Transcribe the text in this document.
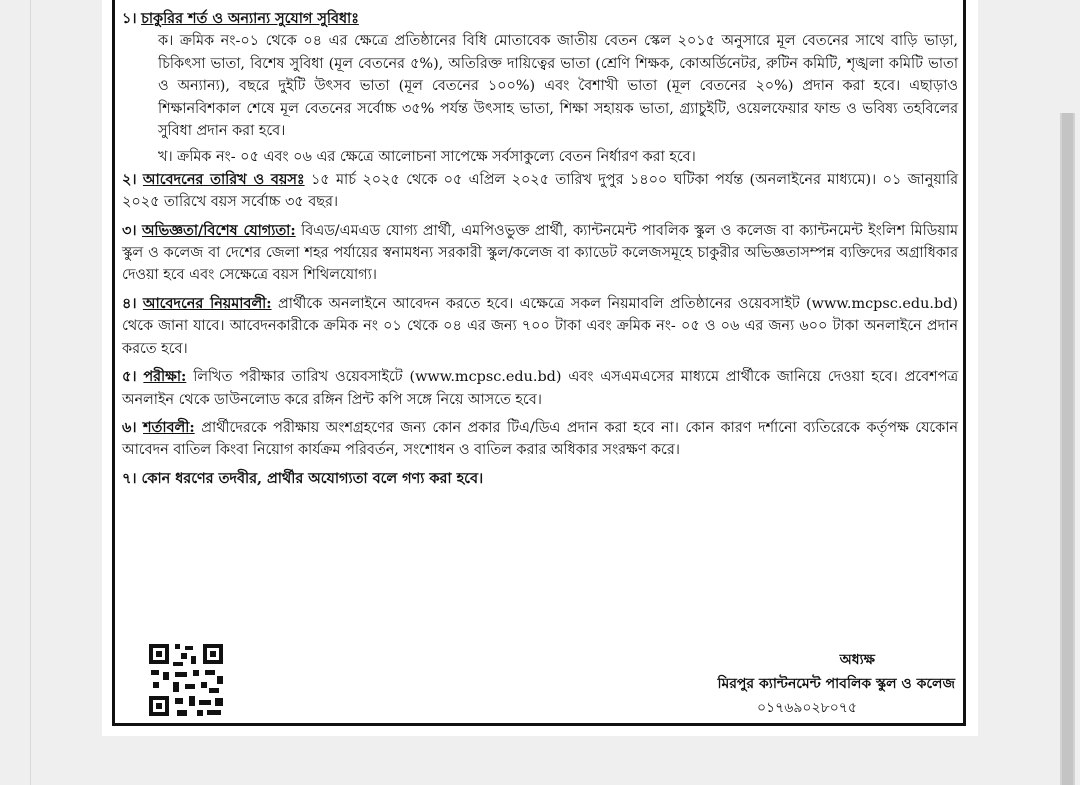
১। চাকুরির শর্ত ও অন্যান্য সুযোগ সুবিধাঃ

ক। ক্রমিক নং-০১ থেকে ০৪ এর ক্ষেত্রে প্রতিষ্ঠানের বিধি মোতাবেক জাতীয় বেতন স্কেল ২০১৫ অনুসারে মূল বেতনের সাথে বাড়ি ভাড়া, চিকিৎসা ভাতা, বিশেষ সুবিধা (মূল বেতনের ৫%), অতিরিক্ত দায়িত্বের ভাতা (শ্রেণি শিক্ষক, কোঅর্ডিনেটর, রুটিন কমিটি, শৃঙ্খলা কমিটি ভাতা ও অন্যান্য), বছরে দুইটি উৎসব ভাতা (মূল বেতনের ১০০%) এবং বৈশাখী ভাতা (মূল বেতনের ২০%) প্রদান করা হবে। এছাড়াও শিক্ষানবিশকাল শেষে মূল বেতনের সর্বোচ্চ ৩৫% পর্যন্ত উৎসাহ ভাতা, শিক্ষা সহায়ক ভাতা, গ্র্যাচুইটি, ওয়েলফেয়ার ফান্ড ও ভবিষ্য তহবিলের সুবিধা প্রদান করা হবে।

খ। ক্রমিক নং- ০৫ এবং ০৬ এর ক্ষেত্রে আলোচনা সাপেক্ষে সর্বসাকুল্যে বেতন নির্ধারণ করা হবে।

২। আবেদনের তারিখ ও বয়সঃ ১৫ মার্চ ২০২৫ থেকে ০৫ এপ্রিল ২০২৫ তারিখ দুপুর ১৪০০ ঘটিকা পর্যন্ত (অনলাইনের মাধ্যমে)। ০১ জানুয়ারি ২০২৫ তারিখে বয়স সর্বোচ্চ ৩৫ বছর।

৩। অভিজ্ঞতা/বিশেষ যোগ্যতা: বিএড/এমএড যোগ্য প্রার্থী, এমপিওভুক্ত প্রার্থী, ক্যান্টনমেন্ট পাবলিক স্কুল ও কলেজ বা ক্যান্টনমেন্ট ইংলিশ মিডিয়াম স্কুল ও কলেজ বা দেশের জেলা শহর পর্যায়ের স্বনামধন্য সরকারী স্কুল/কলেজ বা ক্যাডেট কলেজসমূহে চাকুরীর অভিজ্ঞতাসম্পন্ন ব্যক্তিদের অগ্রাধিকার দেওয়া হবে এবং সেক্ষেত্রে বয়স শিথিলযোগ্য।

৪। আবেদনের নিয়মাবলী: প্রার্থীকে অনলাইনে আবেদন করতে হবে। এক্ষেত্রে সকল নিয়মাবলি প্রতিষ্ঠানের ওয়েবসাইট (www.mcpsc.edu.bd) থেকে জানা যাবে। আবেদনকারীকে ক্রমিক নং ০১ থেকে ০৪ এর জন্য ৭০০ টাকা এবং ক্রমিক নং- ০৫ ও ০৬ এর জন্য ৬০০ টাকা অনলাইনে প্রদান করতে হবে।

৫। পরীক্ষা: লিখিত পরীক্ষার তারিখ ওয়েবসাইটে (www.mcpsc.edu.bd) এবং এসএমএসের মাধ্যমে প্রার্থীকে জানিয়ে দেওয়া হবে। প্রবেশপত্র অনলাইন থেকে ডাউনলোড করে রঙ্গিন প্রিন্ট কপি সঙ্গে নিয়ে আসতে হবে।

৬। শর্তাবলী: প্রার্থীদেরকে পরীক্ষায় অংশগ্রহণের জন্য কোন প্রকার টিএ/ডিএ প্রদান করা হবে না। কোন কারণ দর্শানো ব্যতিরেকে কর্তৃপক্ষ যেকোন আবেদন বাতিল কিংবা নিয়োগ কার্যক্রম পরিবর্তন, সংশোধন ও বাতিল করার অধিকার সংরক্ষণ করে।

৭। কোন ধরণের তদবীর, প্রার্থীর অযোগ্যতা বলে গণ্য করা হবে।

অধ্যক্ষ
মিরপুর ক্যান্টনমেন্ট পাবলিক স্কুল ও কলেজ
০১৭৬৯০২৮০৭৫
